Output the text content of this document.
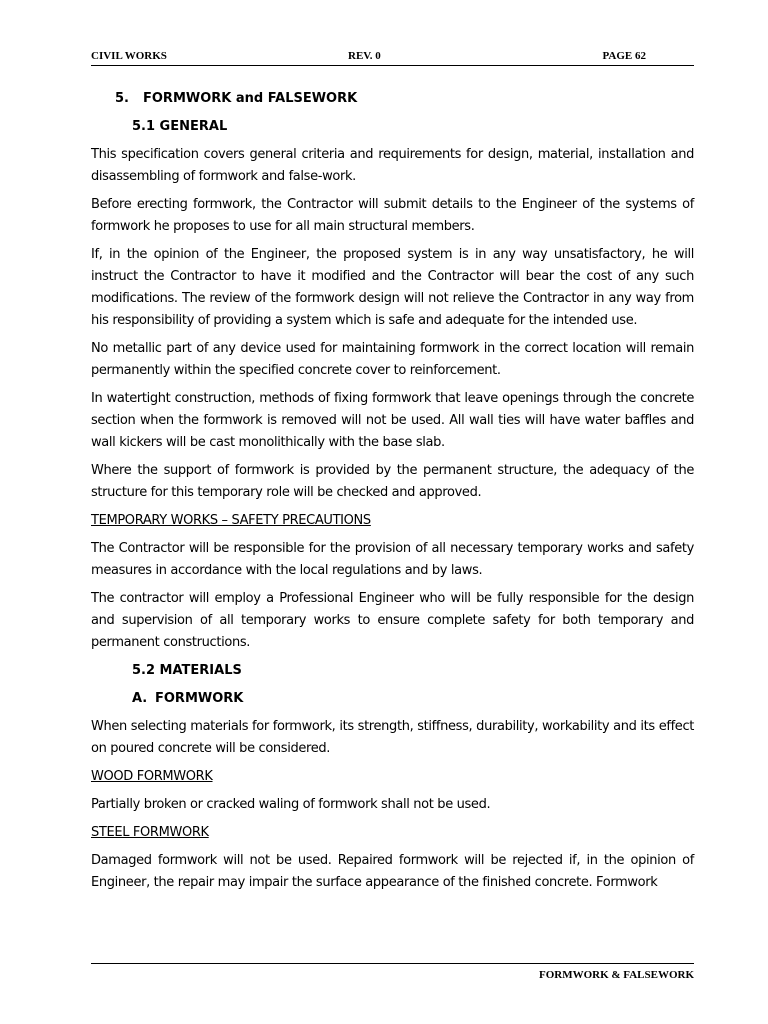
CIVIL WORKS	REV. 0	PAGE 62
5. FORMWORK and FALSEWORK
5.1 GENERAL

This specification covers general criteria and requirements for design, material, installation and disassembling of formwork and false-work.

Before erecting formwork, the Contractor will submit details to the Engineer of the systems of formwork he proposes to use for all main structural members.

If, in the opinion of the Engineer, the proposed system is in any way unsatisfactory, he will instruct the Contractor to have it modified and the Contractor will bear the cost of any such modifications. The review of the formwork design will not relieve the Contractor in any way from his responsibility of providing a system which is safe and adequate for the intended use.

No metallic part of any device used for maintaining formwork in the correct location will remain permanently within the specified concrete cover to reinforcement.

In watertight construction, methods of fixing formwork that leave openings through the concrete section when the formwork is removed will not be used. All wall ties will have water baffles and wall kickers will be cast monolithically with the base slab.

Where the support of formwork is provided by the permanent structure, the adequacy of the structure for this temporary role will be checked and approved.

TEMPORARY WORKS – SAFETY PRECAUTIONS

The Contractor will be responsible for the provision of all necessary temporary works and safety measures in accordance with the local regulations and by laws.

The contractor will employ a Professional Engineer who will be fully responsible for the design and supervision of all temporary works to ensure complete safety for both temporary and permanent constructions.

5.2 MATERIALS
A. FORMWORK

When selecting materials for formwork, its strength, stiffness, durability, workability and its effect on poured concrete will be considered.

WOOD FORMWORK

Partially broken or cracked waling of formwork shall not be used.

STEEL FORMWORK

Damaged formwork will not be used. Repaired formwork will be rejected if, in the opinion of Engineer, the repair may impair the surface appearance of the finished concrete. Formwork

FORMWORK & FALSEWORK
